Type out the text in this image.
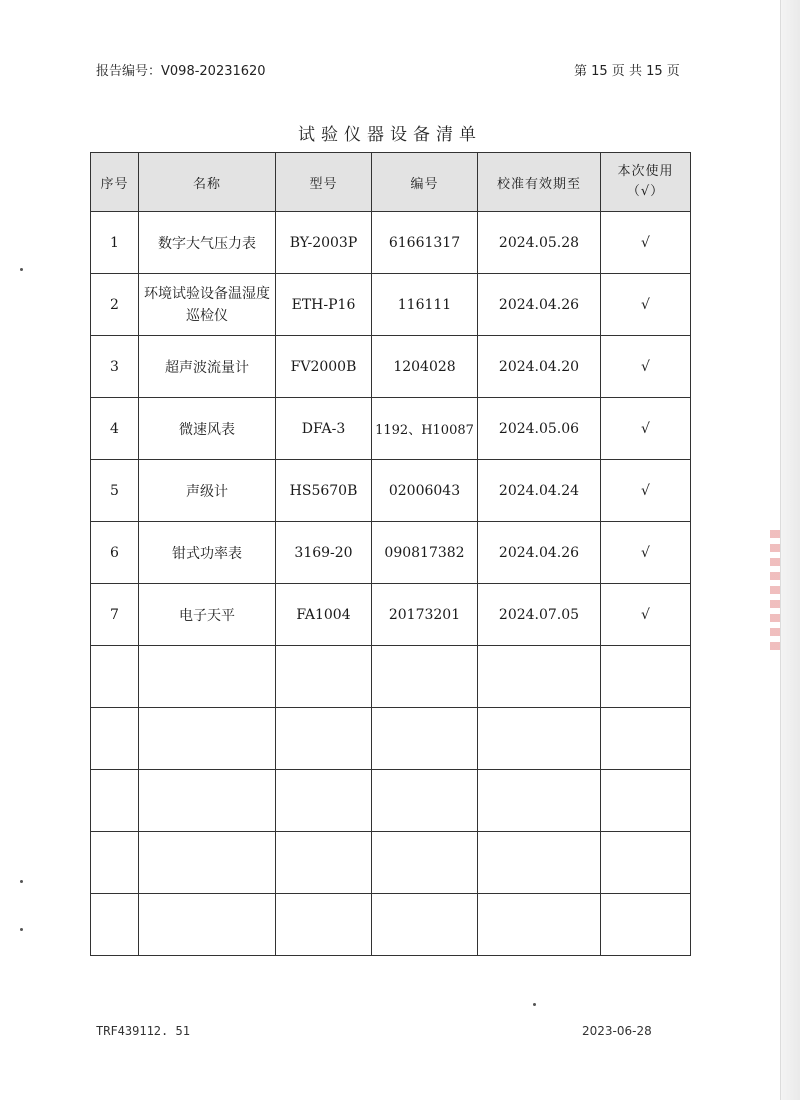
报告编号：V098-20231620	第 15 页 共 15 页
试验仪器设备清单
序号	名称	型号	编号	校准有效期至	本次使用（√）
1	数字大气压力表	BY-2003P	61661317	2024.05.28	√
2	环境试验设备温湿度巡检仪	ETH-P16	116111	2024.04.26	√
3	超声波流量计	FV2000B	1204028	2024.04.20	√
4	微速风表	DFA-3	1192、H10087	2024.05.06	√
5	声级计	HS5670B	02006043	2024.04.24	√
6	钳式功率表	3169-20	090817382	2024.04.26	√
7	电子天平	FA1004	20173201	2024.07.05	√

TRF439112. 51	2023-06-28
